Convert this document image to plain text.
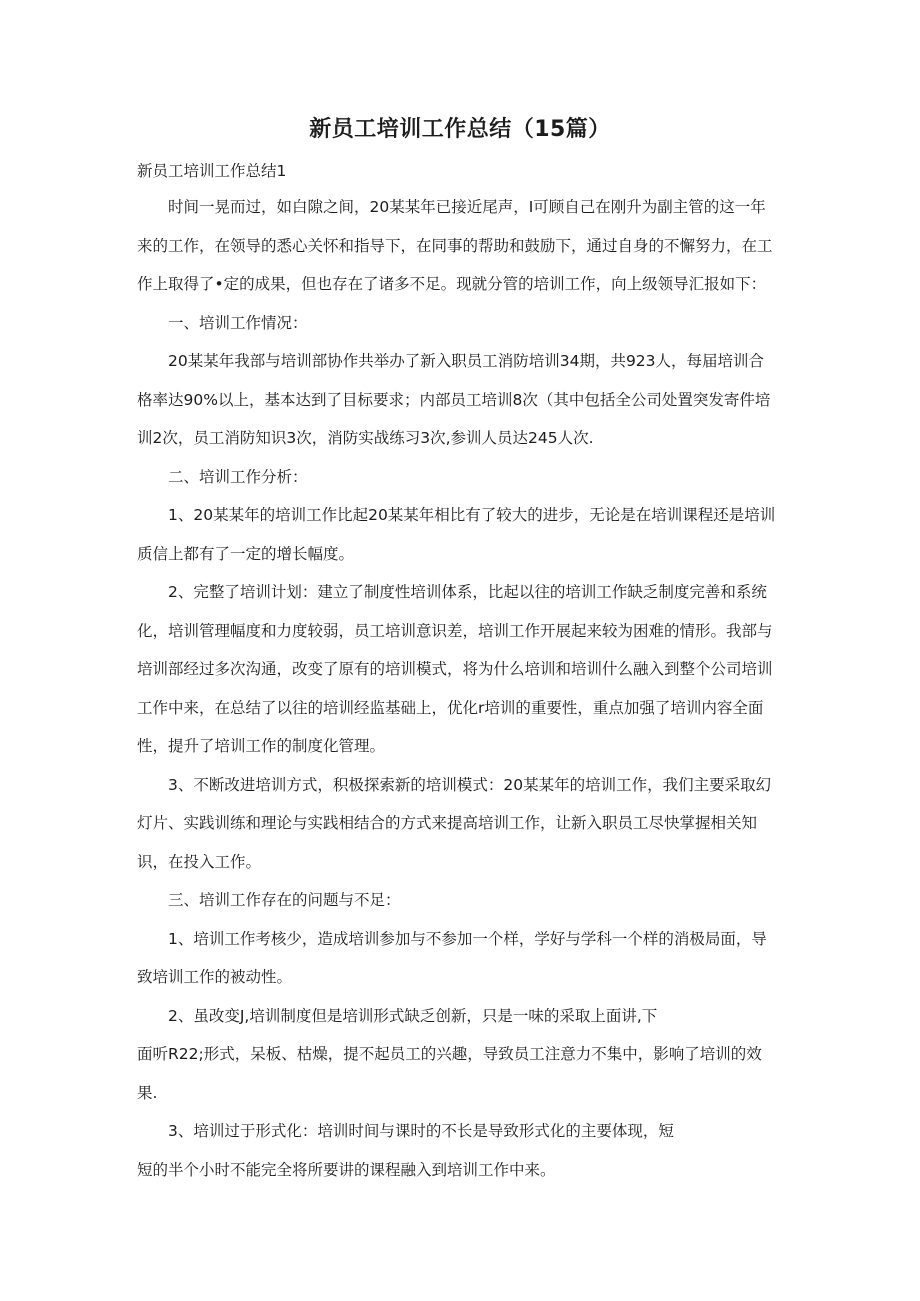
新员工培训工作总结（15篇）
新员工培训工作总结1

时间一晃而过，如白隙之间，20某某年已接近尾声，I可顾自己在刚升为副主管的这一年来的工作，在领导的悉心关怀和指导下，在同事的帮助和鼓励下，通过自身的不懈努力，在工作上取得了•定的成果，但也存在了诸多不足。现就分管的培训工作，向上级领导汇报如下：

一、培训工作情况：

20某某年我部与培训部协作共举办了新入职员工消防培训34期，共923人，每届培训合格率达90%以上，基本达到了目标要求；内部员工培训8次（其中包括全公司处置突发寄件培训2次，员工消防知识3次，消防实战练习3次,参训人员达245人次.

二、培训工作分析：

1、20某某年的培训工作比起20某某年相比有了较大的进步，无论是在培训课程还是培训质信上都有了一定的增长幅度。

2、完整了培训计划：建立了制度性培训体系，比起以往的培训工作缺乏制度完善和系统化，培训管理幅度和力度较弱，员工培训意识差，培训工作开展起来较为困难的情形。我部与培训部经过多次沟通，改变了原有的培训模式，将为什么培训和培训什么融入到整个公司培训工作中来，在总结了以往的培训经监基础上，优化r培训的重要性，重点加强了培训内容全面性，提升了培训工作的制度化管理。

3、不断改进培训方式，积极探索新的培训模式：20某某年的培训工作，我们主要采取幻灯片、实践训练和理论与实践相结合的方式来提高培训工作，让新入职员工尽快掌握相关知识，在投入工作。

三、培训工作存在的问题与不足：

1、培训工作考核少，造成培训参加与不参加一个样，学好与学科一个样的消极局面，导致培训工作的被动性。

2、虽改变J,培训制度但是培训形式缺乏创新，只是一味的采取上面讲,下
面听R22;形式，呆板、枯燥，提不起员工的兴趣，导致员工注意力不集中，影响了培训的效果.
3、培训过于形式化：培训时间与课时的不长是导致形式化的主要体现，短
短的半个小时不能完全将所要讲的课程融入到培训工作中来。
